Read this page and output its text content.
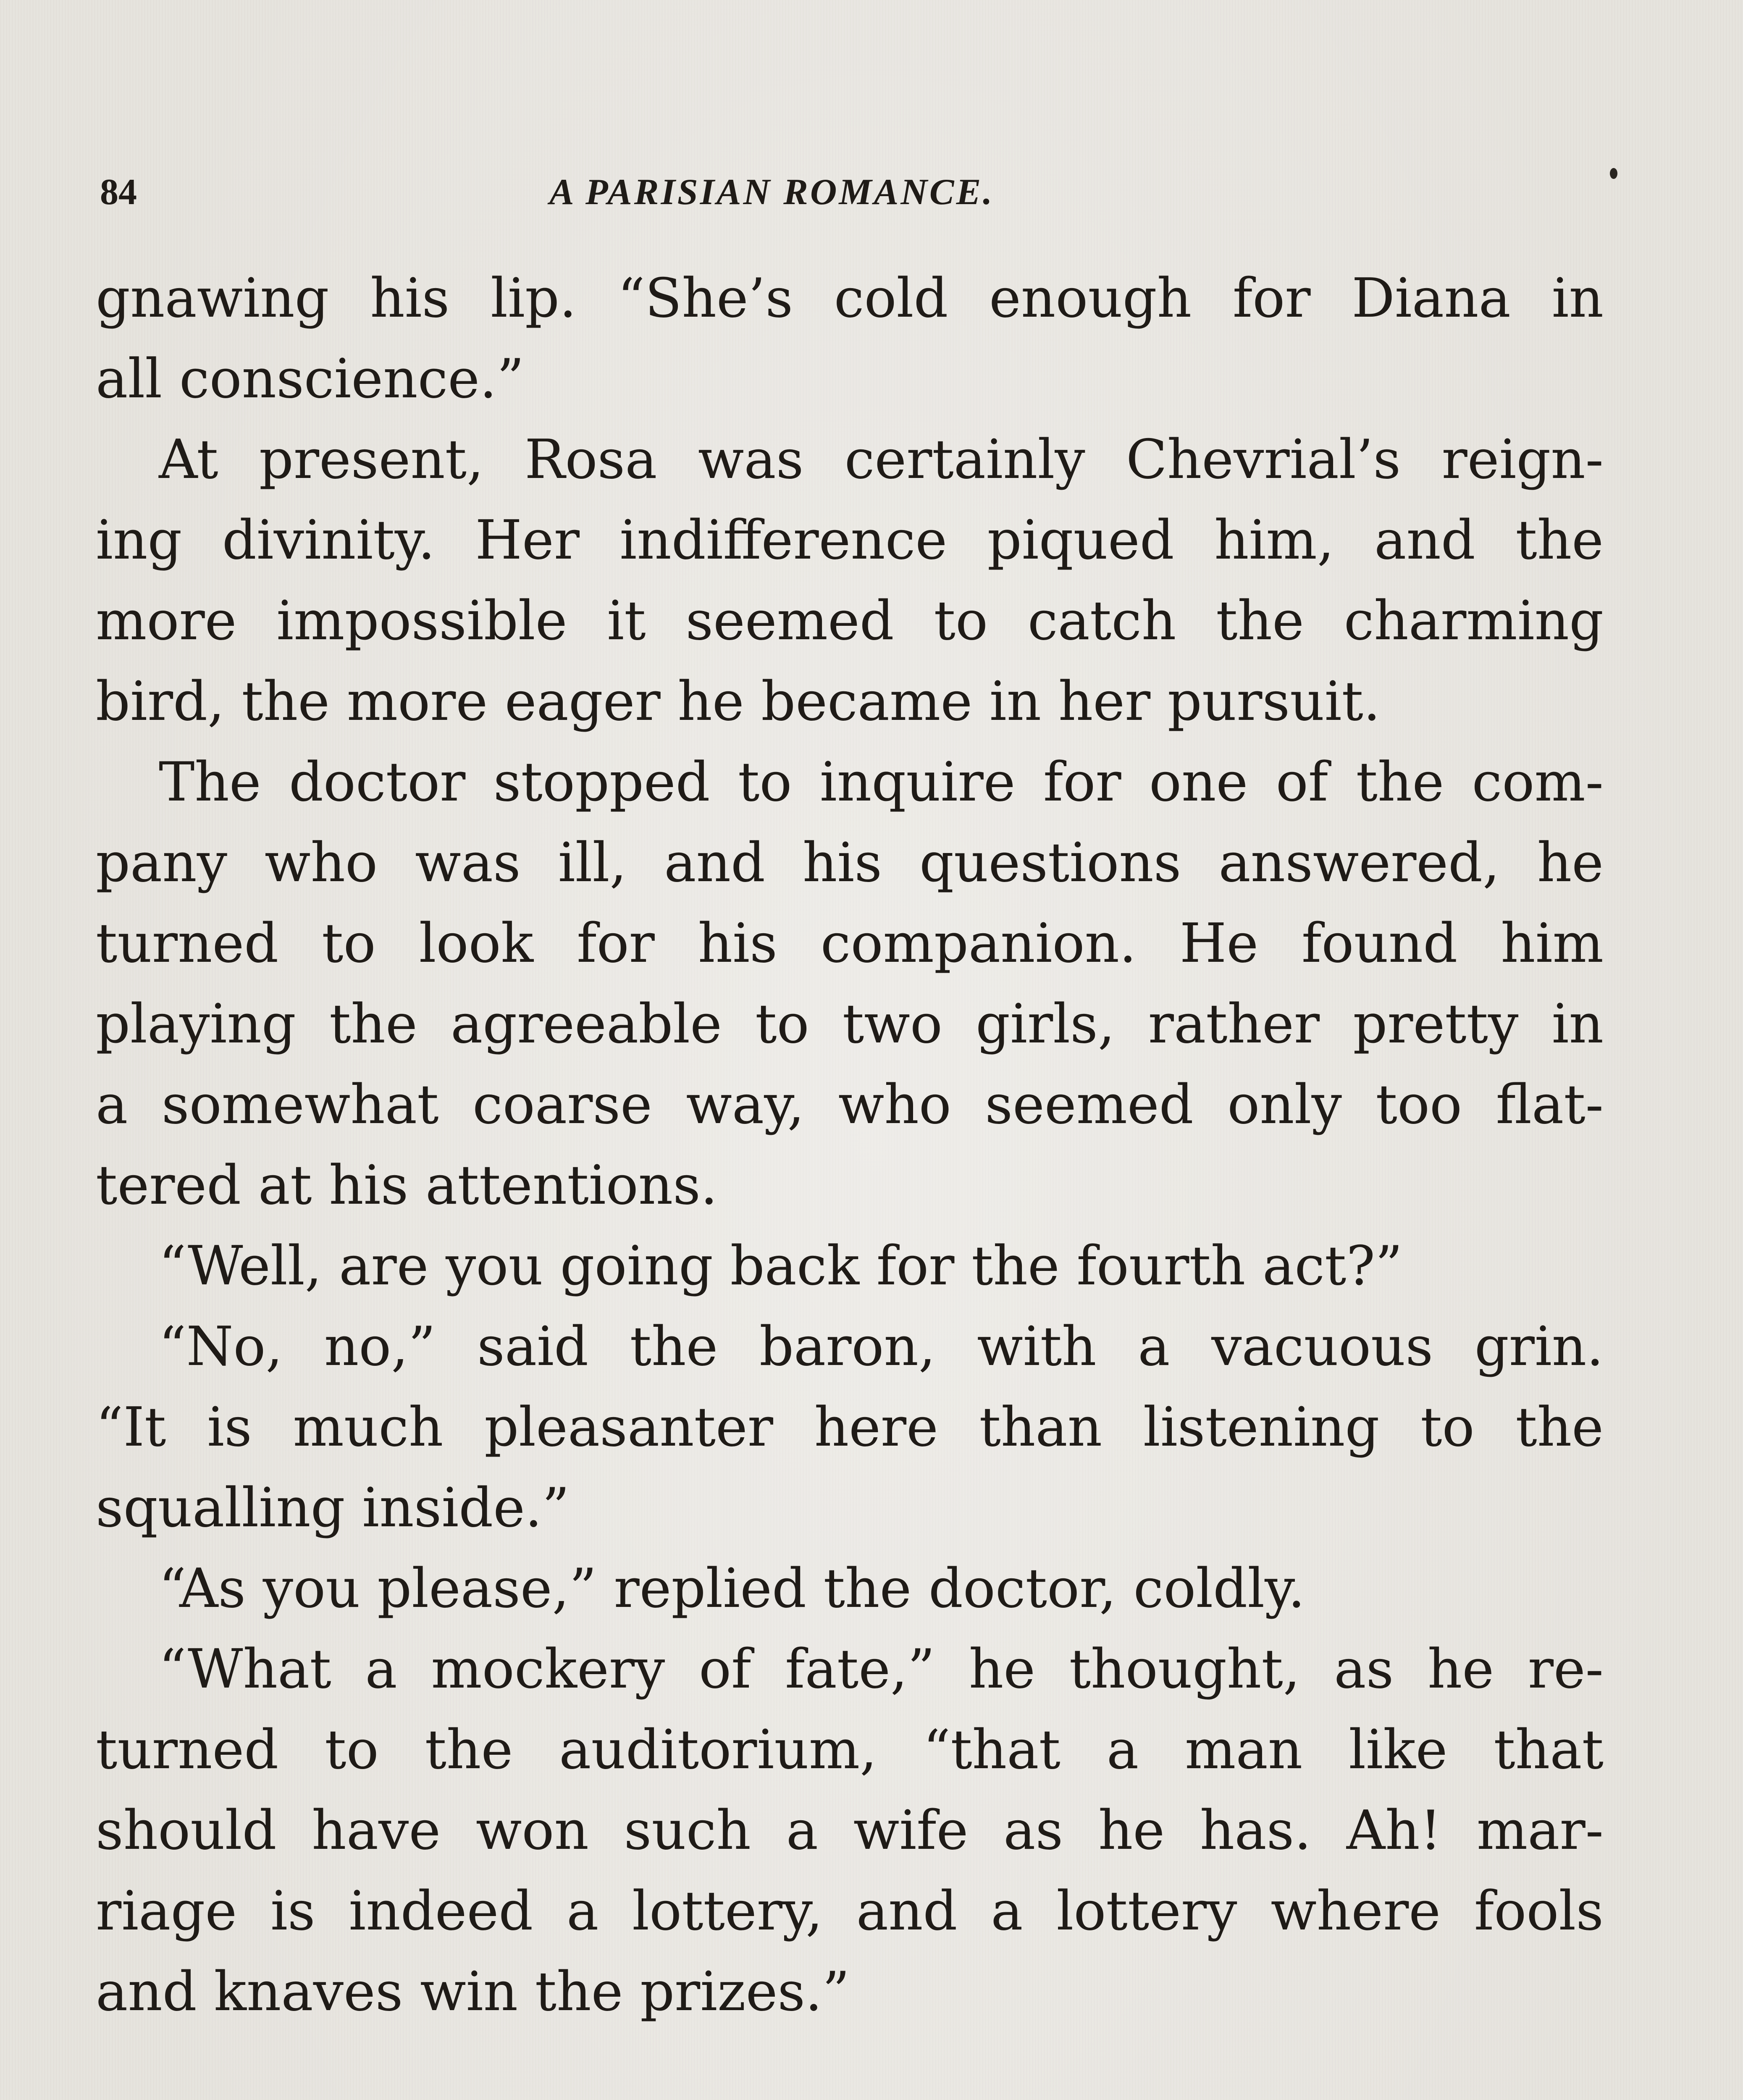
84	A PARISIAN ROMANCE.
gnawing his lip. “She’s cold enough for Diana in
all conscience.”
At present, Rosa was certainly Chevrial’s reign-
ing divinity. Her indifference piqued him, and the
more impossible it seemed to catch the charming
bird, the more eager he became in her pursuit.
The doctor stopped to inquire for one of the com-
pany who was ill, and his questions answered, he
turned to look for his companion. He found him
playing the agreeable to two girls, rather pretty in
a somewhat coarse way, who seemed only too flat-
tered at his attentions.
“Well, are you going back for the fourth act?”
“No, no,” said the baron, with a vacuous grin.
“It is much pleasanter here than listening to the
squalling inside.”
“As you please,” replied the doctor, coldly.
“What a mockery of fate,” he thought, as he re-
turned to the auditorium, “that a man like that
should have won such a wife as he has. Ah! mar-
riage is indeed a lottery, and a lottery where fools
and knaves win the prizes.”
